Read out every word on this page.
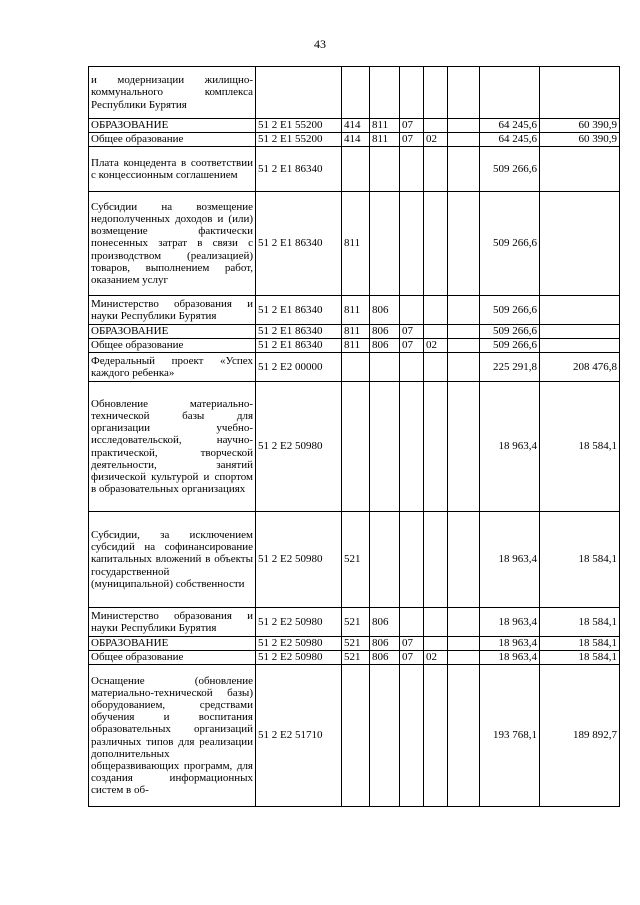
43
и модернизации жилищно-коммунального комплекса Республики Бурятия								
ОБРАЗОВАНИЕ	51 2 E1 55200	414	811	07			64 245,6	60 390,9
Общее образование	51 2 E1 55200	414	811	07	02		64 245,6	60 390,9
Плата концедента в соответствии с концессионным соглашением	51 2 E1 86340						509 266,6	
Субсидии на возмещение недополученных доходов и (или) возмещение фактически понесенных затрат в связи с производством (реализацией) товаров, выполнением работ, оказанием услуг	51 2 E1 86340	811					509 266,6	
Министерство образования и науки Республики Бурятия	51 2 E1 86340	811	806				509 266,6	
ОБРАЗОВАНИЕ	51 2 E1 86340	811	806	07			509 266,6	
Общее образование	51 2 E1 86340	811	806	07	02		509 266,6	
Федеральный проект «Успех каждого ребенка»	51 2 E2 00000						225 291,8	208 476,8
Обновление материально-технической базы для организации учебно-исследовательской, научно-практической, творческой деятельности, занятий физической культурой и спортом в образовательных организациях	51 2 E2 50980						18 963,4	18 584,1
Субсидии, за исключением субсидий на софинансирование капитальных вложений в объекты государственной (муниципальной) собственности	51 2 E2 50980	521					18 963,4	18 584,1
Министерство образования и науки Республики Бурятия	51 2 E2 50980	521	806				18 963,4	18 584,1
ОБРАЗОВАНИЕ	51 2 E2 50980	521	806	07			18 963,4	18 584,1
Общее образование	51 2 E2 50980	521	806	07	02		18 963,4	18 584,1
Оснащение (обновление материально-технической базы) оборудованием, средствами обучения и воспитания образовательных организаций различных типов для реализации дополнительных общеразвивающих программ, для создания информационных систем в об-	51 2 E2 51710						193 768,1	189 892,7
